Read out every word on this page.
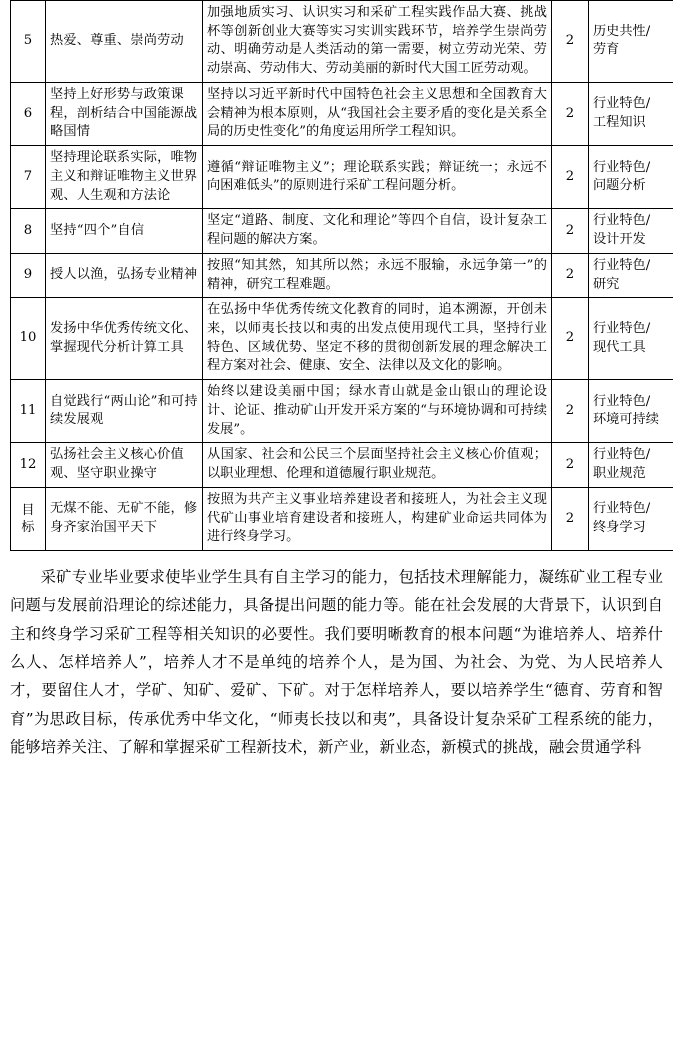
5	热爱、尊重、崇尚劳动	加强地质实习、认识实习和采矿工程实践作品大赛、挑战杯等创新创业大赛等实习实训实践环节，培养学生崇尚劳动、明确劳动是人类活动的第一需要，树立劳动光荣、劳动崇高、劳动伟大、劳动美丽的新时代大国工匠劳动观。	2	历史共性/
劳育
6	坚持上好形势与政策课程，剖析结合中国能源战略国情	坚持以习近平新时代中国特色社会主义思想和全国教育大会精神为根本原则，从“我国社会主要矛盾的变化是关系全局的历史性变化”的角度运用所学工程知识。	2	行业特色/
工程知识
7	坚持理论联系实际，唯物主义和辩证唯物主义世界观、人生观和方法论	遵循“辩证唯物主义”；理论联系实践；辩证统一；永远不向困难低头”的原则进行采矿工程问题分析。	2	行业特色/
问题分析
8	坚持“四个”自信	坚定“道路、制度、文化和理论”等四个自信，设计复杂工程问题的解决方案。	2	行业特色/
设计开发
9	授人以渔，弘扬专业精神	按照“知其然，知其所以然；永远不服输，永远争第一”的精神，研究工程难题。	2	行业特色/
研究
10	发扬中华优秀传统文化、掌握现代分析计算工具	在弘扬中华优秀传统文化教育的同时，追本溯源，开创未来，以师夷长技以和夷的出发点使用现代工具，坚持行业特色、区域优势、坚定不移的贯彻创新发展的理念解决工程方案对社会、健康、安全、法律以及文化的影响。	2	行业特色/
现代工具
11	自觉践行“两山论”和可持续发展观	始终以建设美丽中国；绿水青山就是金山银山的理论设计、论证、推动矿山开发开采方案的“与环境协调和可持续发展”。	2	行业特色/
环境可持续
12	弘扬社会主义核心价值观、坚守职业操守	从国家、社会和公民三个层面坚持社会主义核心价值观；以职业理想、伦理和道德履行职业规范。	2	行业特色/
职业规范

目
标	无煤不能、无矿不能，修身齐家治国平天下	按照为共产主义事业培养建设者和接班人，为社会主义现代矿山事业培育建设者和接班人，构建矿业命运共同体为进行终身学习。	2	行业特色/
终身学习

采矿专业毕业要求使毕业学生具有自主学习的能力，包括技术理解能力，凝练矿业工程专业问题与发展前沿理论的综述能力，具备提出问题的能力等。能在社会发展的大背景下，认识到自主和终身学习采矿工程等相关知识的必要性。我们要明晰教育的根本问题“为谁培养人、培养什么人、怎样培养人”，培养人才不是单纯的培养个人，是为国、为社会、为党、为人民培养人才，要留住人才，学矿、知矿、爱矿、下矿。对于怎样培养人，要以培养学生“德育、劳育和智育”为思政目标，传承优秀中华文化，“师夷长技以和夷”，具备设计复杂采矿工程系统的能力，能够培养关注、了解和掌握采矿工程新技术，新产业，新业态，新模式的挑战，融会贯通学科
